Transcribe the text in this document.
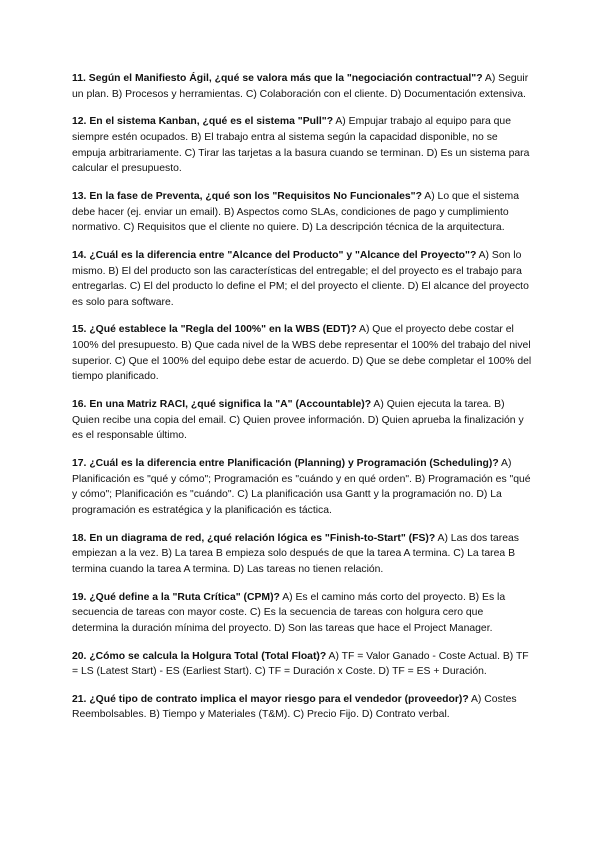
11. Según el Manifiesto Ágil, ¿qué se valora más que la "negociación contractual"? A) Seguir un plan. B) Procesos y herramientas. C) Colaboración con el cliente. D) Documentación extensiva.

12. En el sistema Kanban, ¿qué es el sistema "Pull"? A) Empujar trabajo al equipo para que siempre estén ocupados. B) El trabajo entra al sistema según la capacidad disponible, no se empuja arbitrariamente. C) Tirar las tarjetas a la basura cuando se terminan. D) Es un sistema para calcular el presupuesto.

13. En la fase de Preventa, ¿qué son los "Requisitos No Funcionales"? A) Lo que el sistema debe hacer (ej. enviar un email). B) Aspectos como SLAs, condiciones de pago y cumplimiento normativo. C) Requisitos que el cliente no quiere. D) La descripción técnica de la arquitectura.

14. ¿Cuál es la diferencia entre "Alcance del Producto" y "Alcance del Proyecto"? A) Son lo mismo. B) El del producto son las características del entregable; el del proyecto es el trabajo para entregarlas. C) El del producto lo define el PM; el del proyecto el cliente. D) El alcance del proyecto es solo para software.

15. ¿Qué establece la "Regla del 100%" en la WBS (EDT)? A) Que el proyecto debe costar el 100% del presupuesto. B) Que cada nivel de la WBS debe representar el 100% del trabajo del nivel superior. C) Que el 100% del equipo debe estar de acuerdo. D) Que se debe completar el 100% del tiempo planificado.

16. En una Matriz RACI, ¿qué significa la "A" (Accountable)? A) Quien ejecuta la tarea. B) Quien recibe una copia del email. C) Quien provee información. D) Quien aprueba la finalización y es el responsable último.

17. ¿Cuál es la diferencia entre Planificación (Planning) y Programación (Scheduling)? A) Planificación es "qué y cómo"; Programación es "cuándo y en qué orden". B) Programación es "qué y cómo"; Planificación es "cuándo". C) La planificación usa Gantt y la programación no. D) La programación es estratégica y la planificación es táctica.

18. En un diagrama de red, ¿qué relación lógica es "Finish-to-Start" (FS)? A) Las dos tareas empiezan a la vez. B) La tarea B empieza solo después de que la tarea A termina. C) La tarea B termina cuando la tarea A termina. D) Las tareas no tienen relación.

19. ¿Qué define a la "Ruta Crítica" (CPM)? A) Es el camino más corto del proyecto. B) Es la secuencia de tareas con mayor coste. C) Es la secuencia de tareas con holgura cero que determina la duración mínima del proyecto. D) Son las tareas que hace el Project Manager.

20. ¿Cómo se calcula la Holgura Total (Total Float)? A) TF = Valor Ganado - Coste Actual. B) TF = LS (Latest Start) - ES (Earliest Start). C) TF = Duración x Coste. D) TF = ES + Duración.

21. ¿Qué tipo de contrato implica el mayor riesgo para el vendedor (proveedor)? A) Costes Reembolsables. B) Tiempo y Materiales (T&M). C) Precio Fijo. D) Contrato verbal.
